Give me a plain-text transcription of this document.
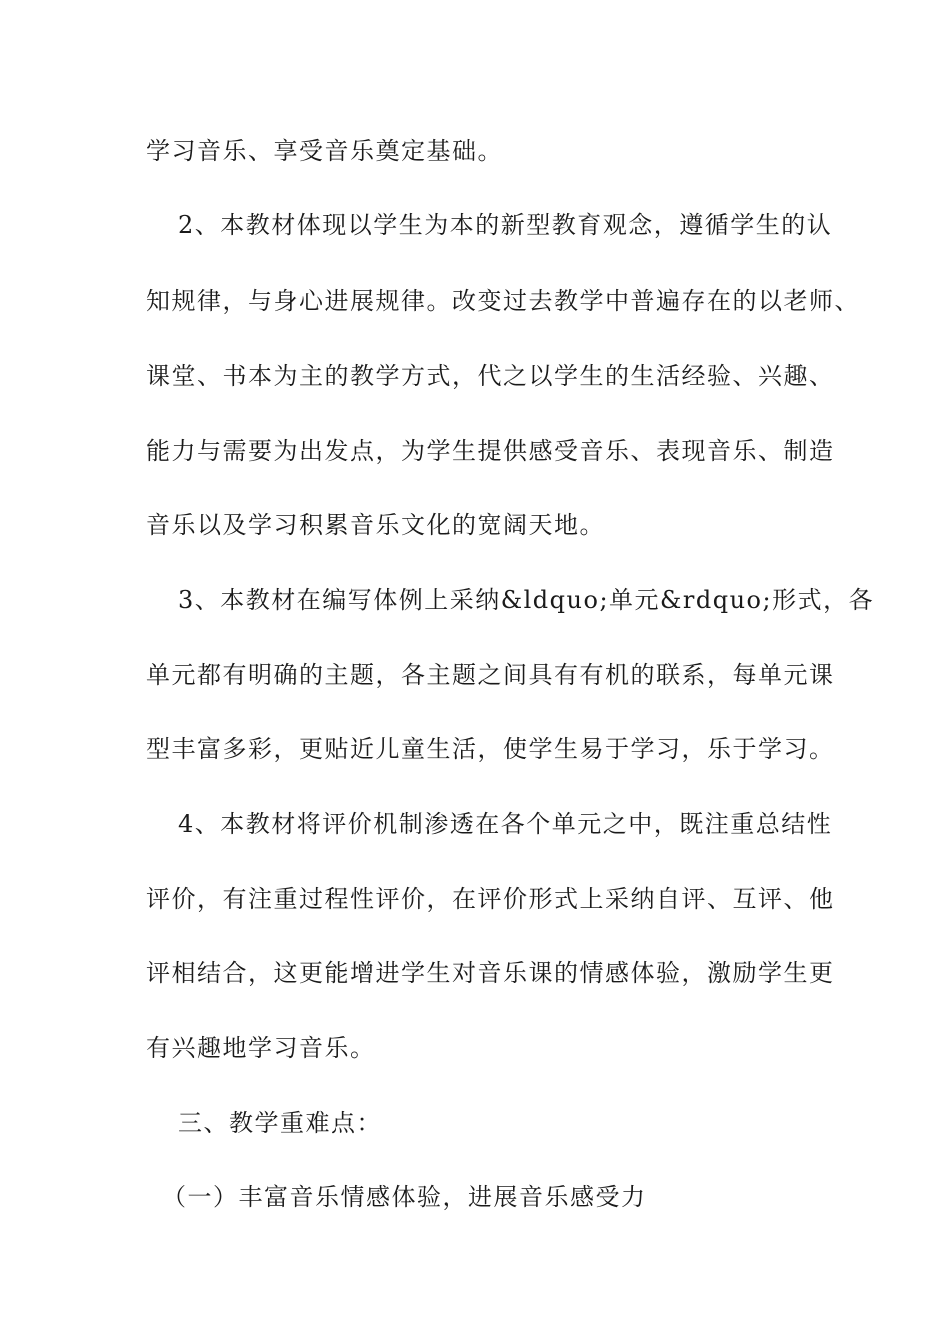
学习音乐、享受音乐奠定基础。
2、本教材体现以学生为本的新型教育观念，遵循学生的认
知规律，与身心进展规律。改变过去教学中普遍存在的以老师、
课堂、书本为主的教学方式，代之以学生的生活经验、兴趣、
能力与需要为出发点，为学生提供感受音乐、表现音乐、制造
音乐以及学习积累音乐文化的宽阔天地。
3、本教材在编写体例上采纳&ldquo;单元&rdquo;形式，各
单元都有明确的主题，各主题之间具有有机的联系，每单元课
型丰富多彩，更贴近儿童生活，使学生易于学习，乐于学习。
4、本教材将评价机制渗透在各个单元之中，既注重总结性
评价，有注重过程性评价，在评价形式上采纳自评、互评、他
评相结合，这更能增进学生对音乐课的情感体验，激励学生更
有兴趣地学习音乐。
三、教学重难点：
（一）丰富音乐情感体验，进展音乐感受力
